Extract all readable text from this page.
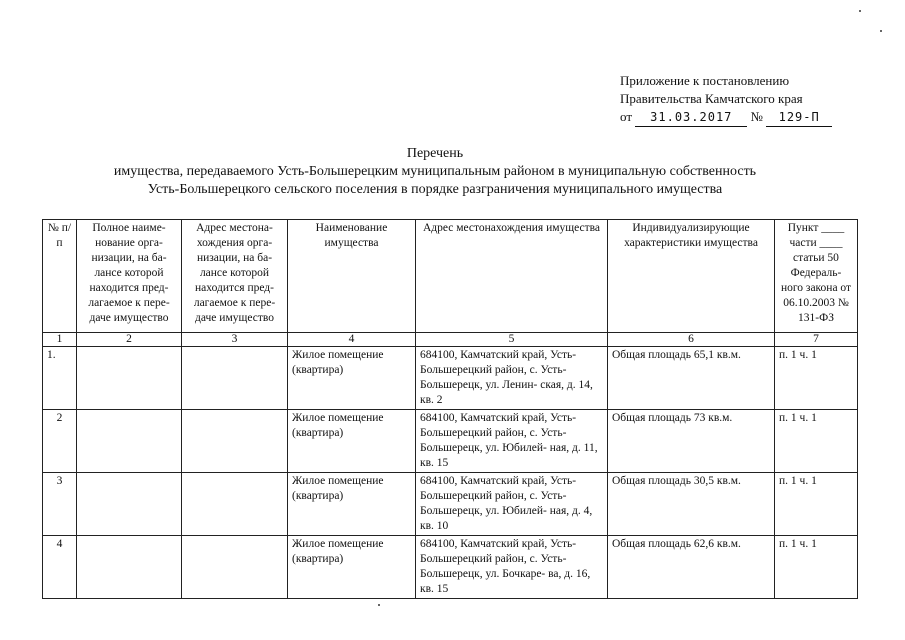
Приложение к постановлению
Правительства Камчатского края
от 31.03.2017 № 129-П
Перечень
имущества, передаваемого Усть-Большерецким муниципальным районом в муниципальную собственность
Усть-Большерецкого сельского поселения в порядке разграничения муниципального имущества
№ п/п	Полное наиме- нование орга- низации, на ба- лансе которой находится пред- лагаемое к пере- даче имущество	Адрес местона- хождения орга- низации, на ба- лансе которой находится пред- лагаемое к пере- даче имущество	Наименование имущества	Адрес местонахождения имущества	Индивидуализирующие характеристики имущества	Пункт ____ части ____ статьи 50 Федераль- ного закона от 06.10.2003 № 131-ФЗ
1	2	3	4	5	6	7
1.			Жилое помещение (квартира)	684100, Камчатский край, Усть-Большерецкий район, с. Усть-Большерецк, ул. Ленин- ская, д. 14, кв. 2	Общая площадь 65,1 кв.м.	п. 1 ч. 1
2			Жилое помещение (квартира)	684100, Камчатский край, Усть-Большерецкий район, с. Усть-Большерецк, ул. Юбилей- ная, д. 11, кв. 15	Общая площадь 73 кв.м.	п. 1 ч. 1
3			Жилое помещение (квартира)	684100, Камчатский край, Усть-Большерецкий район, с. Усть-Большерецк, ул. Юбилей- ная, д. 4, кв. 10	Общая площадь 30,5 кв.м.	п. 1 ч. 1
4			Жилое помещение (квартира)	684100, Камчатский край, Усть-Большерецкий район, с. Усть-Большерецк, ул. Бочкаре- ва, д. 16, кв. 15	Общая площадь 62,6 кв.м.	п. 1 ч. 1
